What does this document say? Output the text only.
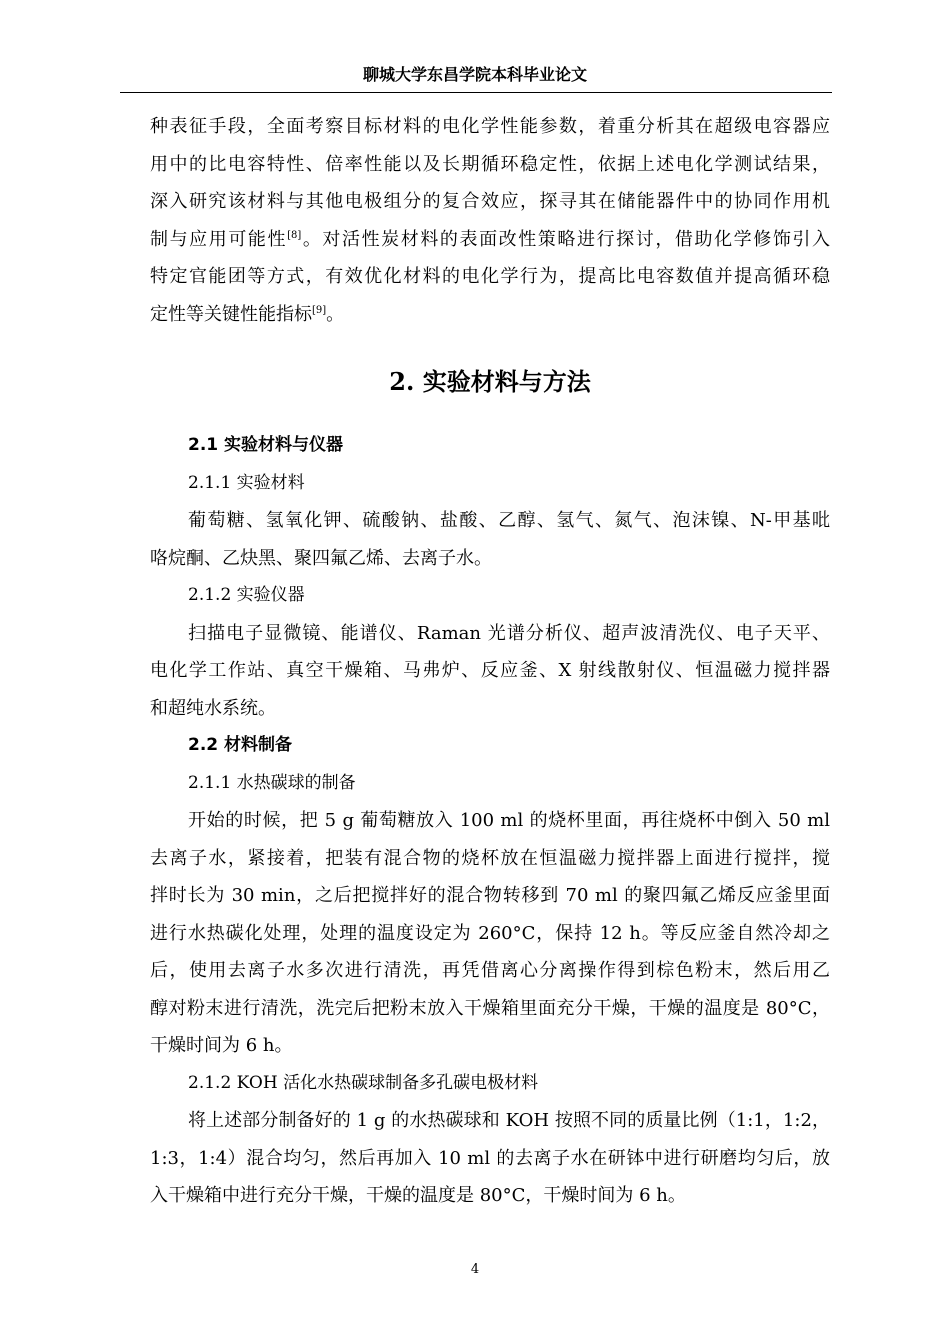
聊城大学东昌学院本科毕业论文
种表征手段，全面考察目标材料的电化学性能参数，着重分析其在超级电容器应
用中的比电容特性、倍率性能以及长期循环稳定性，依据上述电化学测试结果，
深入研究该材料与其他电极组分的复合效应，探寻其在储能器件中的协同作用机
制与应用可能性[8]。对活性炭材料的表面改性策略进行探讨，借助化学修饰引入
特定官能团等方式，有效优化材料的电化学行为，提高比电容数值并提高循环稳
定性等关键性能指标[9]。
2. 实验材料与方法
2.1 实验材料与仪器
2.1.1 实验材料
葡萄糖、氢氧化钾、硫酸钠、盐酸、乙醇、氢气、氮气、泡沫镍、N-甲基吡
咯烷酮、乙炔黑、聚四氟乙烯、去离子水。
2.1.2 实验仪器
扫描电子显微镜、能谱仪、Raman 光谱分析仪、超声波清洗仪、电子天平、
电化学工作站、真空干燥箱、马弗炉、反应釜、X 射线散射仪、恒温磁力搅拌器
和超纯水系统。
2.2 材料制备
2.1.1 水热碳球的制备
开始的时候，把 5 g 葡萄糖放入 100 ml 的烧杯里面，再往烧杯中倒入 50 ml
去离子水，紧接着，把装有混合物的烧杯放在恒温磁力搅拌器上面进行搅拌，搅
拌时长为 30 min，之后把搅拌好的混合物转移到 70 ml 的聚四氟乙烯反应釜里面
进行水热碳化处理，处理的温度设定为 260°C，保持 12 h。等反应釜自然冷却之
后，使用去离子水多次进行清洗，再凭借离心分离操作得到棕色粉末，然后用乙
醇对粉末进行清洗，洗完后把粉末放入干燥箱里面充分干燥，干燥的温度是 80°C，
干燥时间为 6 h。
2.1.2 KOH 活化水热碳球制备多孔碳电极材料
将上述部分制备好的 1 g 的水热碳球和 KOH 按照不同的质量比例（1:1，1:2，
1:3，1:4）混合均匀，然后再加入 10 ml 的去离子水在研钵中进行研磨均匀后，放
入干燥箱中进行充分干燥，干燥的温度是 80°C，干燥时间为 6 h。
4
